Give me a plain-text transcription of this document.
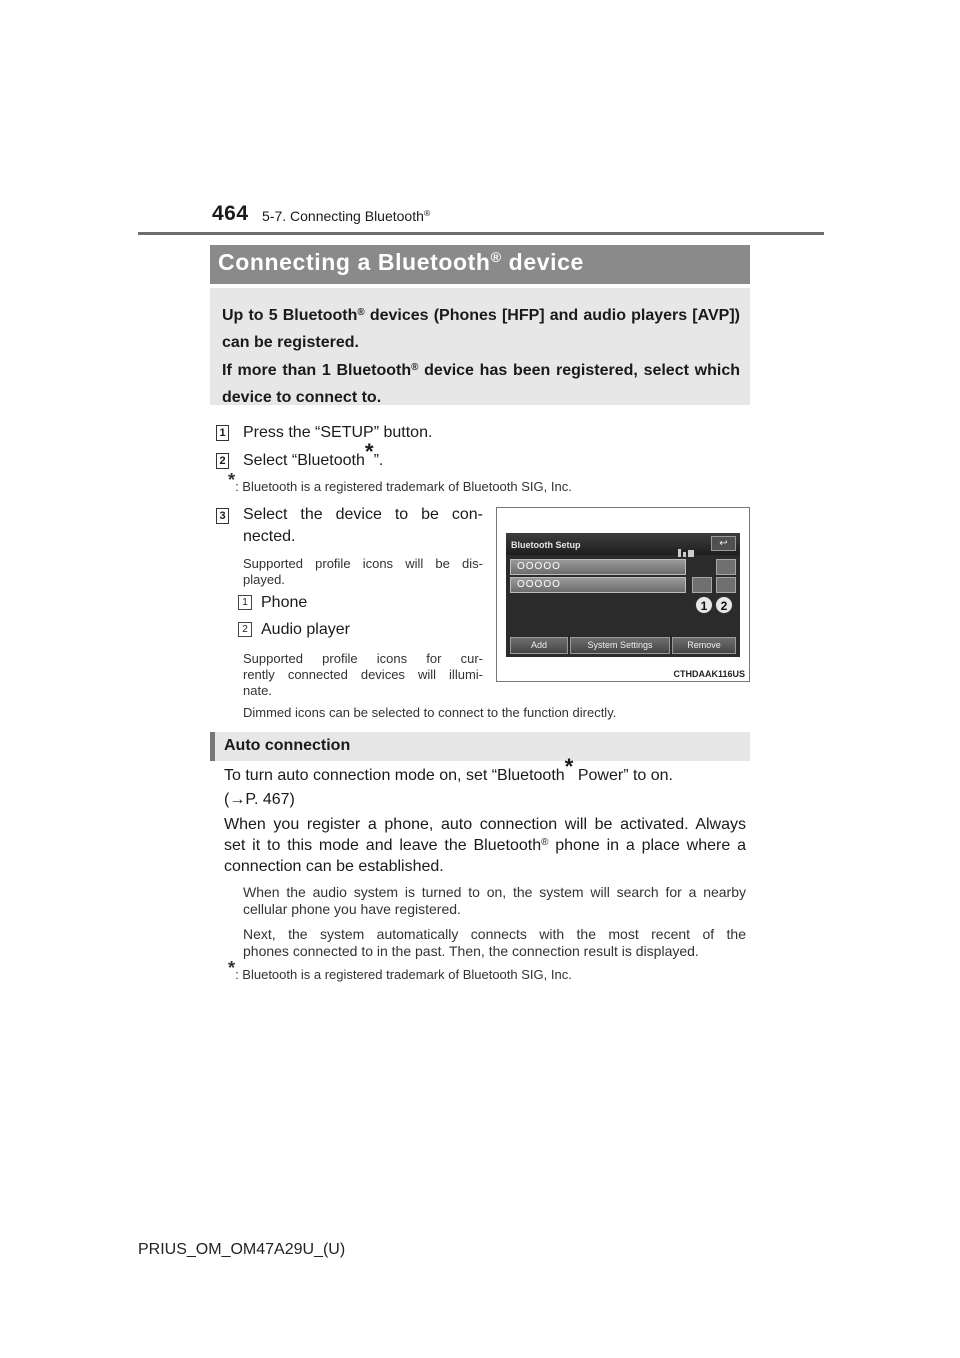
464 5-7. Connecting Bluetooth®
Connecting a Bluetooth® device

Up to 5 Bluetooth® devices (Phones [HFP] and audio players [AVP]) can be registered.

If more than 1 Bluetooth® device has been registered, select which device to connect to.

1 Press the “SETUP” button.
2 Select “Bluetooth*”.
*: Bluetooth is a registered trademark of Bluetooth SIG, Inc.
3 Select the device to be con-
nected.
Supported profile icons will be dis-
played.
1 Phone
2 Audio player
Supported profile icons for cur-
rently connected devices will illumi-
nate.
Dimmed icons can be selected to connect to the function directly.
Bluetooth Setup	↩
OOOOO
OOOOO
1	2
Add	System Settings	Remove
CTHDAAK116US
Auto connection
To turn auto connection mode on, set “Bluetooth* Power” to on.
(→P. 467)
When you register a phone, auto connection will be activated. Always
set it to this mode and leave the Bluetooth® phone in a place where a
connection can be established.
When the audio system is turned to on, the system will search for a nearby
cellular phone you have registered.
Next, the system automatically connects with the most recent of the
phones connected to in the past. Then, the connection result is displayed.
*: Bluetooth is a registered trademark of Bluetooth SIG, Inc.
PRIUS_OM_OM47A29U_(U)
